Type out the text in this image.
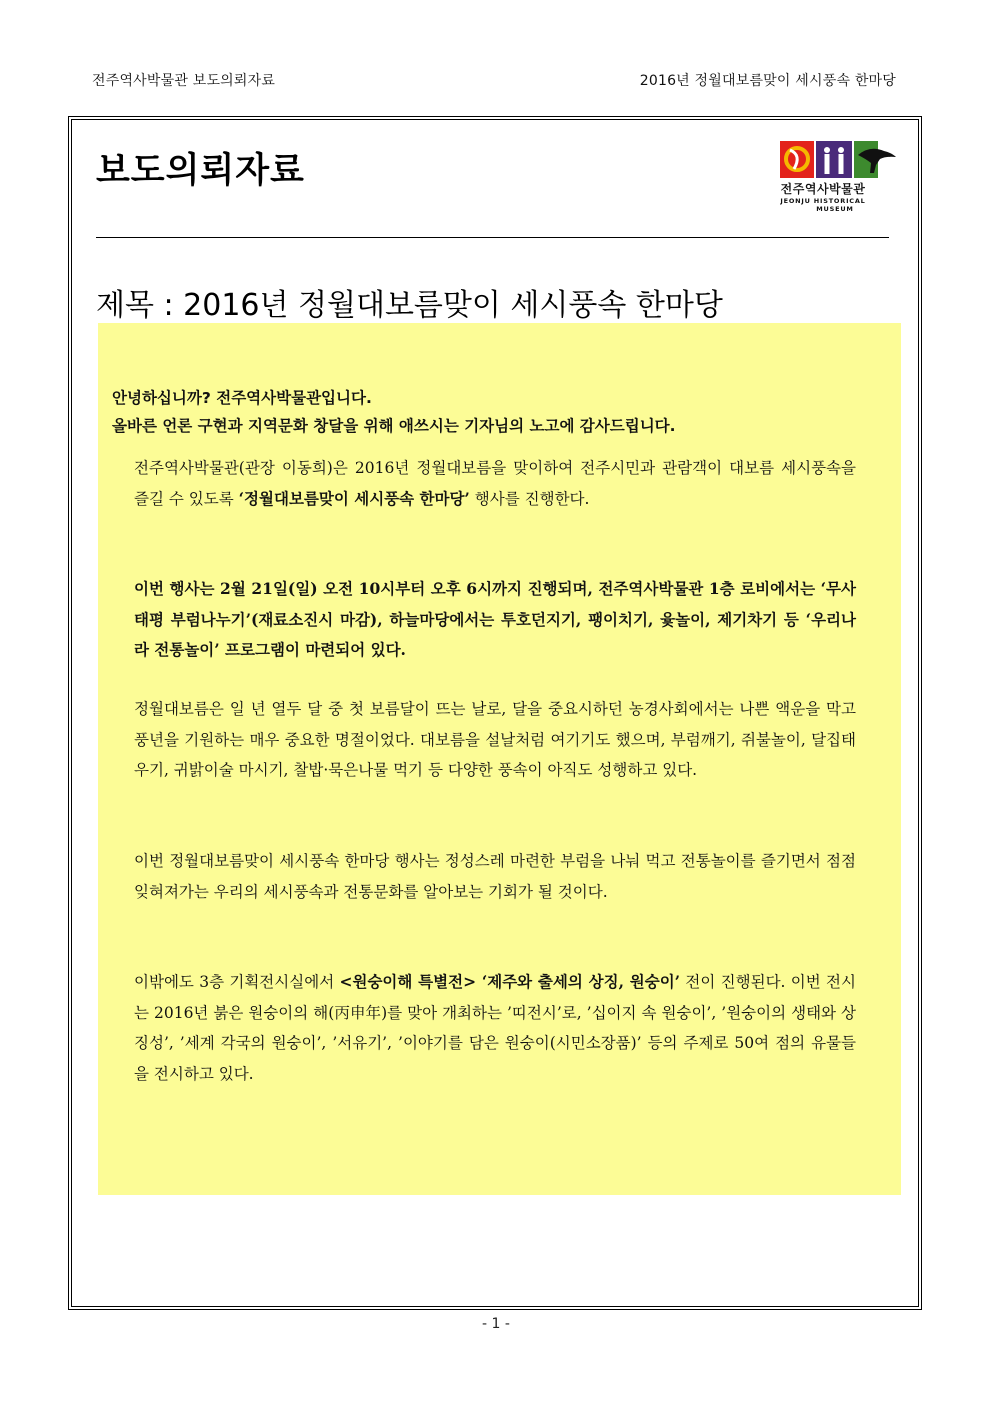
전주역사박물관 보도의뢰자료	2016년 정월대보름맞이 세시풍속 한마당
보도의뢰자료	전주역사박물관
JEONJU HISTORICAL
MUSEUM
제목 : 2016년 정월대보름맞이 세시풍속 한마당
안녕하십니까? 전주역사박물관입니다.
올바른 언론 구현과 지역문화 창달을 위해 애쓰시는 기자님의 노고에 감사드립니다.
전주역사박물관(관장 이동희)은 2016년 정월대보름을 맞이하여 전주시민과 관람객이 대보름 세시풍속을 즐길 수 있도록 ‘정월대보름맞이 세시풍속 한마당’ 행사를 진행한다.
이번 행사는 2월 21일(일) 오전 10시부터 오후 6시까지 진행되며, 전주역사박물관 1층 로비에서는 ‘무사태평 부럼나누기’(재료소진시 마감), 하늘마당에서는 투호던지기, 팽이치기, 윷놀이, 제기차기 등 ‘우리나라 전통놀이’ 프로그램이 마련되어 있다.
정월대보름은 일 년 열두 달 중 첫 보름달이 뜨는 날로, 달을 중요시하던 농경사회에서는 나쁜 액운을 막고 풍년을 기원하는 매우 중요한 명절이었다. 대보름을 설날처럼 여기기도 했으며, 부럼깨기, 쥐불놀이, 달집태우기, 귀밝이술 마시기, 찰밥·묵은나물 먹기 등 다양한 풍속이 아직도 성행하고 있다.
이번 정월대보름맞이 세시풍속 한마당 행사는 정성스레 마련한 부럼을 나눠 먹고 전통놀이를 즐기면서 점점 잊혀져가는 우리의 세시풍속과 전통문화를 알아보는 기회가 될 것이다.
이밖에도 3층 기획전시실에서 <원숭이해 특별전> ‘제주와 출세의 상징, 원숭이’ 전이 진행된다. 이번 전시는 2016년 붉은 원숭이의 해(丙申年)를 맞아 개최하는 ’띠전시’로, ’십이지 속 원숭이’, ’원숭이의 생태와 상징성’, ’세계 각국의 원숭이’, ’서유기’, ’이야기를 담은 원숭이(시민소장품)’ 등의 주제로 50여 점의 유물들을 전시하고 있다.
- 1 -
